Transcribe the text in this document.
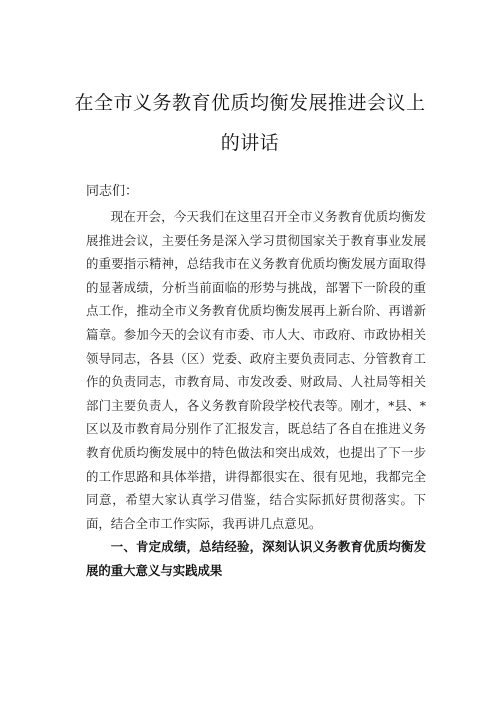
在全市义务教育优质均衡发展推进会议上
的讲话
同志们：
现在开会，今天我们在这里召开全市义务教育优质均衡发展推进会议，主要任务是深入学习贯彻国家关于教育事业发展的重要指示精神，总结我市在义务教育优质均衡发展方面取得的显著成绩，分析当前面临的形势与挑战，部署下一阶段的重点工作，推动全市义务教育优质均衡发展再上新台阶、再谱新篇章。参加今天的会议有市委、市人大、市政府、市政协相关领导同志，各县（区）党委、政府主要负责同志、分管教育工作的负责同志，市教育局、市发改委、财政局、人社局等相关部门主要负责人，各义务教育阶段学校代表等。刚才，*县、*区以及市教育局分别作了汇报发言，既总结了各自在推进义务教育优质均衡发展中的特色做法和突出成效，也提出了下一步的工作思路和具体举措，讲得都很实在、很有见地，我都完全同意，希望大家认真学习借鉴，结合实际抓好贯彻落实。下面，结合全市工作实际，我再讲几点意见。
一、肯定成绩，总结经验，深刻认识义务教育优质均衡发展的重大意义与实践成果
